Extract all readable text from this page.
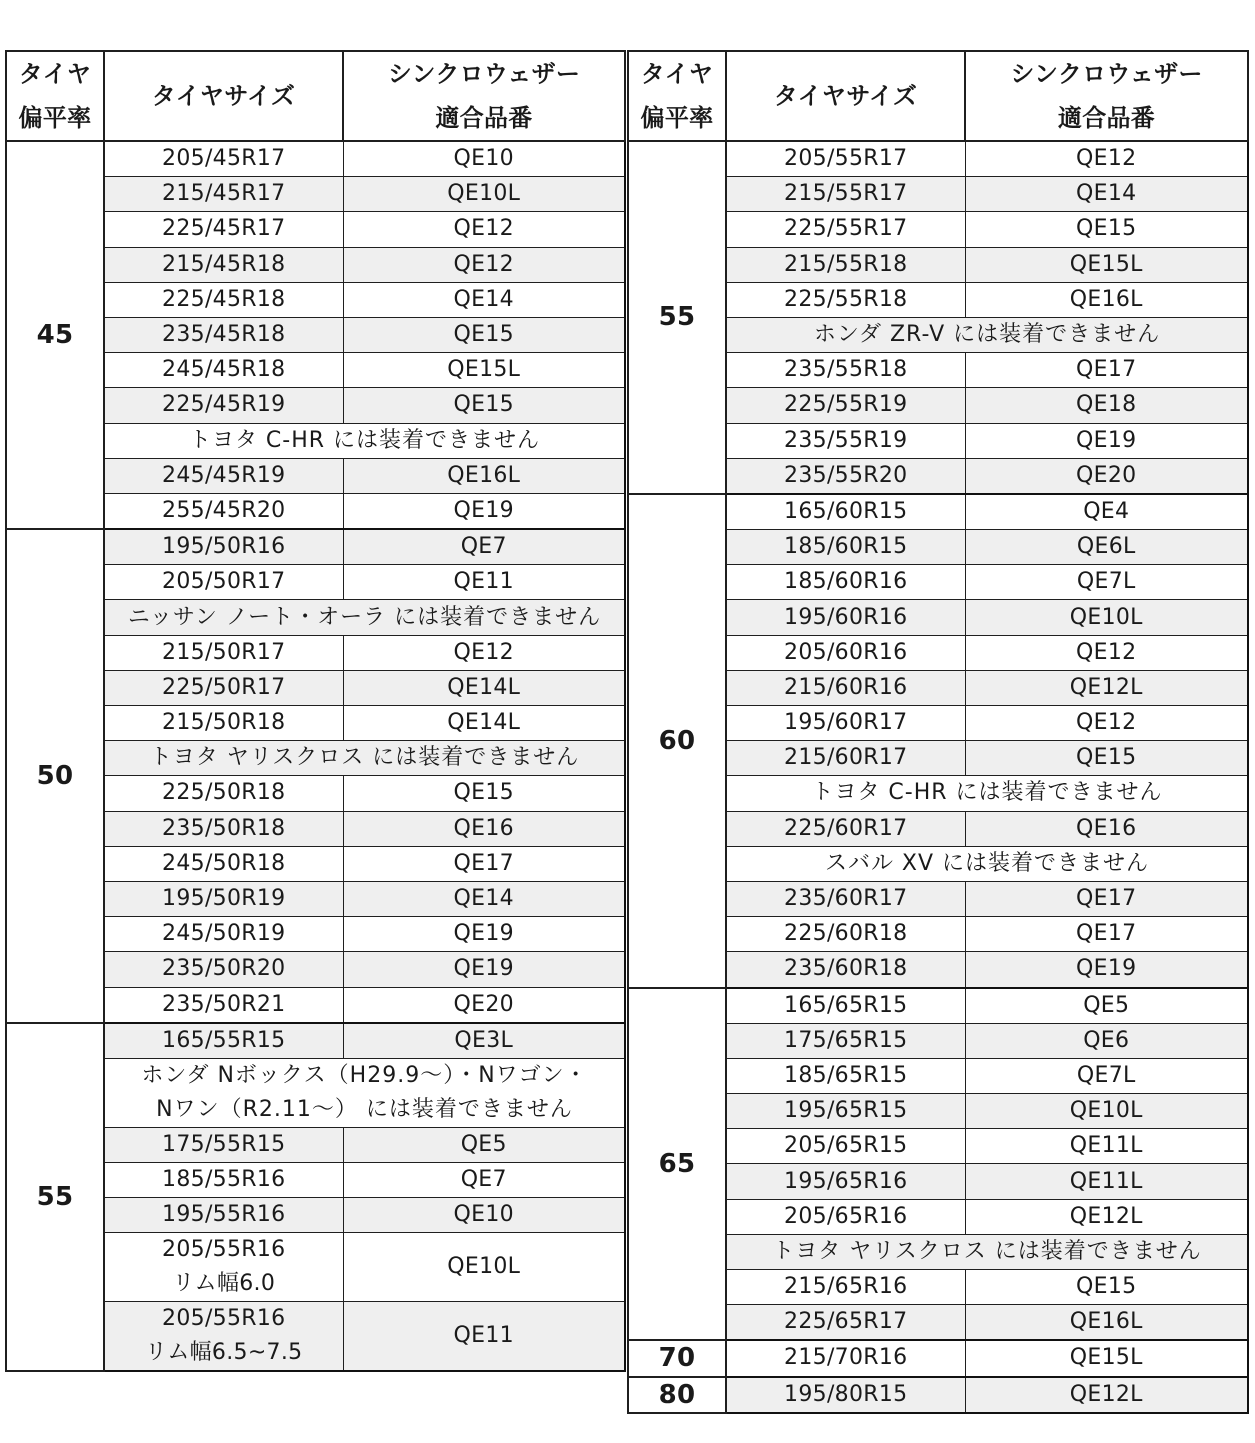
タイヤ
偏平率	タイヤサイズ	シンクロウェザー
適合品番

45	205/45R17	QE10
	215/45R17	QE10L
	225/45R17	QE12
	215/45R18	QE12
	225/45R18	QE14
	235/45R18	QE15
	245/45R18	QE15L
	225/45R19	QE15
	トヨタ C-HR には装着できません	
	245/45R19	QE16L
	255/45R20	QE19
50	195/50R16	QE7
	205/50R17	QE11
	ニッサン ノート・オーラ には装着できません	
	215/50R17	QE12
	225/50R17	QE14L
	215/50R18	QE14L
	トヨタ ヤリスクロス には装着できません	
	225/50R18	QE15
	235/50R18	QE16
	245/50R18	QE17
	195/50R19	QE14
	245/50R19	QE19
	235/50R20	QE19
	235/50R21	QE20
55	165/55R15	QE3L

	ホンダ Nボックス（H29.9～）・Nワゴン・
Nワン（R2.11～） には装着できません	

	175/55R15	QE5
	185/55R16	QE7
	195/55R16	QE10

	205/55R16
リム幅6.0	QE10L

	205/55R16
リム幅6.5~7.5	QE11
タイヤ
偏平率	タイヤサイズ	シンクロウェザー
適合品番

55	205/55R17	QE12
	215/55R17	QE14
	225/55R17	QE15
	215/55R18	QE15L
	225/55R18	QE16L
	ホンダ ZR-V には装着できません	
	235/55R18	QE17
	225/55R19	QE18
	235/55R19	QE19
	235/55R20	QE20
60	165/60R15	QE4
	185/60R15	QE6L
	185/60R16	QE7L
	195/60R16	QE10L
	205/60R16	QE12
	215/60R16	QE12L
	195/60R17	QE12
	215/60R17	QE15
	トヨタ C-HR には装着できません	
	225/60R17	QE16
	スバル XV には装着できません	
	235/60R17	QE17
	225/60R18	QE17
	235/60R18	QE19
65	165/65R15	QE5
	175/65R15	QE6
	185/65R15	QE7L
	195/65R15	QE10L
	205/65R15	QE11L
	195/65R16	QE11L
	205/65R16	QE12L
	トヨタ ヤリスクロス には装着できません	
	215/65R16	QE15
	225/65R17	QE16L
70	215/70R16	QE15L
80	195/80R15	QE12L
